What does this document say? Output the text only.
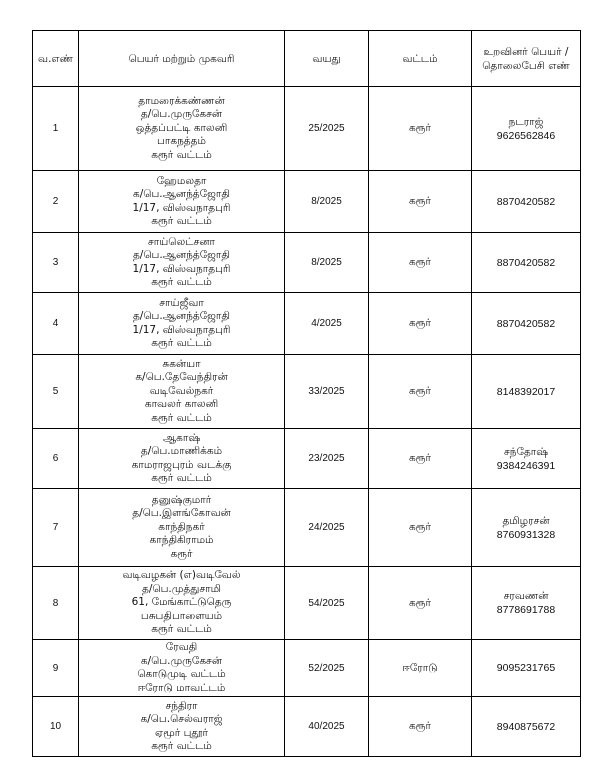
வ.எண்	பெயர் மற்றும் முகவரி	வயது	வட்டம்	உறவினர் பெயர் / தொலைபேசி எண்
1	தாமரைக்கண்ணன்
த/பெ.முருகேசன்
ஒத்தப்பட்டி காலனி
பாகநத்தம்
கரூர் வட்டம்	25/2025	கரூர்	நடராஜ்
9626562846

2	ஹேமலதா
க/பெ.ஆனந்த்ஜோதி
1/17, விஸ்வநாதபுரி
கரூர் வட்டம்	8/2025	கரூர்	8870420582

3	சாய்லெட்சனா
த/பெ.ஆனந்த்ஜோதி
1/17, விஸ்வநாதபுரி
கரூர் வட்டம்	8/2025	கரூர்	8870420582

4	சாய்ஜீவா
த/பெ.ஆனந்த்ஜோதி
1/17, விஸ்வநாதபுரி
கரூர் வட்டம்	4/2025	கரூர்	8870420582

5	சுகன்யா
க/பெ.தேவேந்திரன்
வடிவேல்நகர்
காவலர் காலனி
கரூர் வட்டம்	33/2025	கரூர்	8148392017

6	ஆகாஷ்
த/பெ.மாணிக்கம்
காமராஜபுரம் வடக்கு
கரூர் வட்டம்	23/2025	கரூர்	சந்தோஷ்
9384246391

7	தனுஷ்குமார்
த/பெ.இளங்கோவன்
காந்திநகர்
காந்திகிராமம்
கரூர்	24/2025	கரூர்	தமிழரசன்
8760931328

8	வடிவழகன் (எ)வடிவேல்
த/பெ.முத்துசாமி
61, மேங்காட்டுதெரு
பசுபதிபாளையம்
கரூர் வட்டம்	54/2025	கரூர்	சரவணன்
8778691788

9	ரேவதி
க/பெ.முருகேசன்
கொடுமுடி வட்டம்
ஈரோடு மாவட்டம்	52/2025	ஈரோடு	9095231765

10	சந்திரா
க/பெ.செல்வராஜ்
ஏமூர் புதூர்
கரூர் வட்டம்	40/2025	கரூர்	8940875672
